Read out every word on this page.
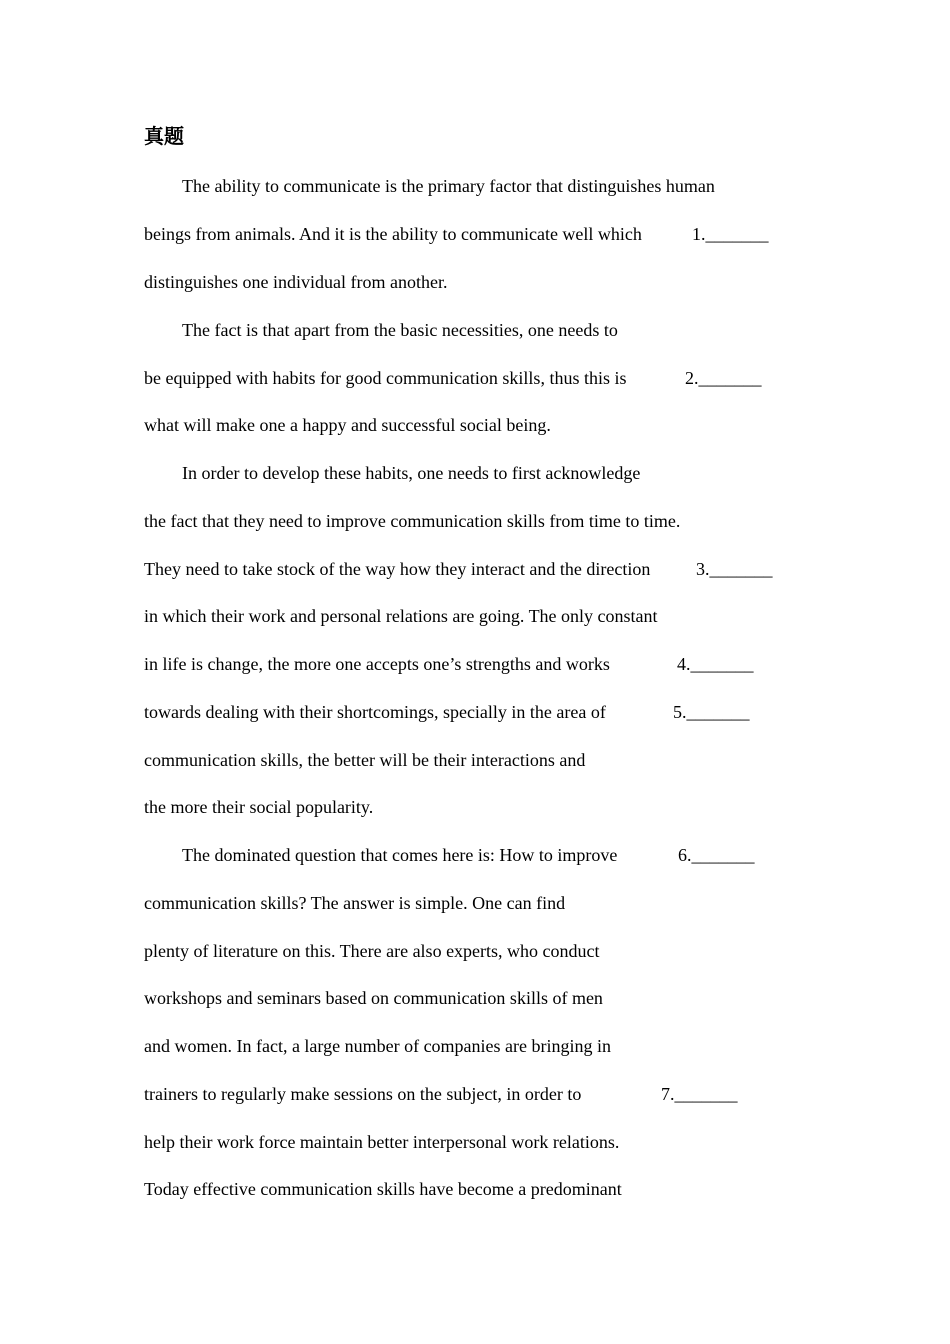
真题
The ability to communicate is the primary factor that distinguishes human
beings from animals. And it is the ability to communicate well which	1._______
distinguishes one individual from another.
The fact is that apart from the basic necessities, one needs to
be equipped with habits for good communication skills, thus this is	2._______
what will make one a happy and successful social being.
In order to develop these habits, one needs to first acknowledge
the fact that they need to improve communication skills from time to time.
They need to take stock of the way how they interact and the direction	3._______
in which their work and personal relations are going. The only constant
in life is change, the more one accepts one’s strengths and works	4._______
towards dealing with their shortcomings, specially in the area of	5._______
communication skills, the better will be their interactions and
the more their social popularity.
The dominated question that comes here is: How to improve	6._______
communication skills? The answer is simple. One can find
plenty of literature on this. There are also experts, who conduct
workshops and seminars based on communication skills of men
and women. In fact, a large number of companies are bringing in
trainers to regularly make sessions on the subject, in order to	7._______
help their work force maintain better interpersonal work relations.
Today effective communication skills have become a predominant
